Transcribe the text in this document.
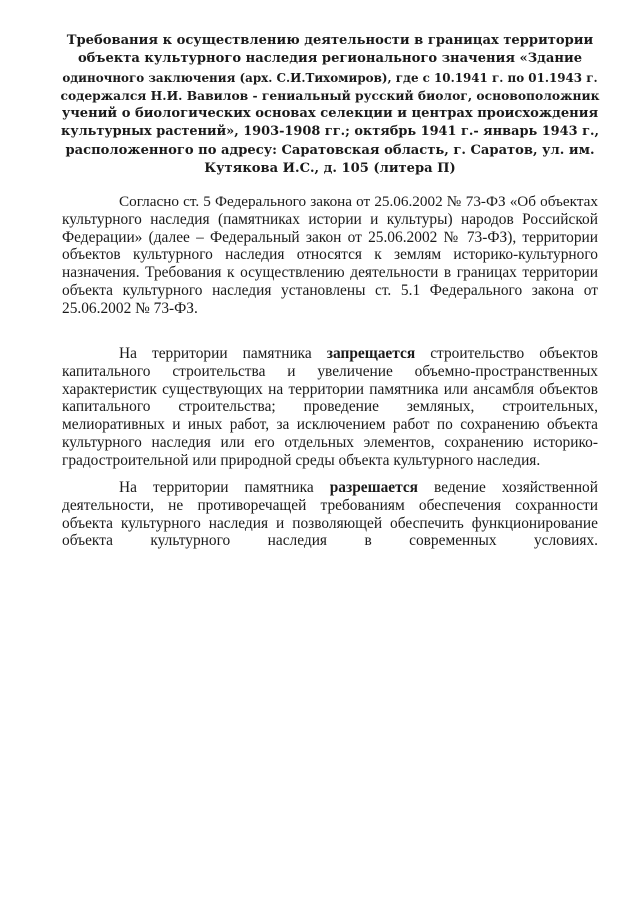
Требования к осуществлению деятельности в границах территории
объекта культурного наследия регионального значения «Здание
одиночного заключения (арх. С.И.Тихомиров), где с 10.1941 г. по 01.1943 г.
содержался Н.И. Вавилов - гениальный русский биолог, основоположник
учений о биологических основах селекции и центрах происхождения
культурных растений», 1903-1908 гг.; октябрь 1941 г.- январь 1943 г.,
расположенного по адресу: Саратовская область, г. Саратов, ул. им.
Кутякова И.С., д. 105 (литера П)
Согласно ст. 5 Федерального закона от 25.06.2002 № 73-ФЗ «Об объектах
культурного наследия (памятниках истории и культуры) народов Российской
Федерации» (далее – Федеральный закон от 25.06.2002 № 73-ФЗ), территории
объектов культурного наследия относятся к землям историко-культурного
назначения. Требования к осуществлению деятельности в границах территории
объекта культурного наследия установлены ст. 5.1 Федерального закона от
25.06.2002 № 73-ФЗ.
На территории памятника запрещается строительство объектов
капитального строительства и увеличение объемно-пространственных
характеристик существующих на территории памятника или ансамбля объектов
капитального строительства; проведение земляных, строительных,
мелиоративных и иных работ, за исключением работ по сохранению объекта
культурного наследия или его отдельных элементов, сохранению историко-
градостроительной или природной среды объекта культурного наследия.
На территории памятника разрешается ведение хозяйственной
деятельности, не противоречащей требованиям обеспечения сохранности
объекта культурного наследия и позволяющей обеспечить функционирование
объекта культурного наследия в современных условиях.
